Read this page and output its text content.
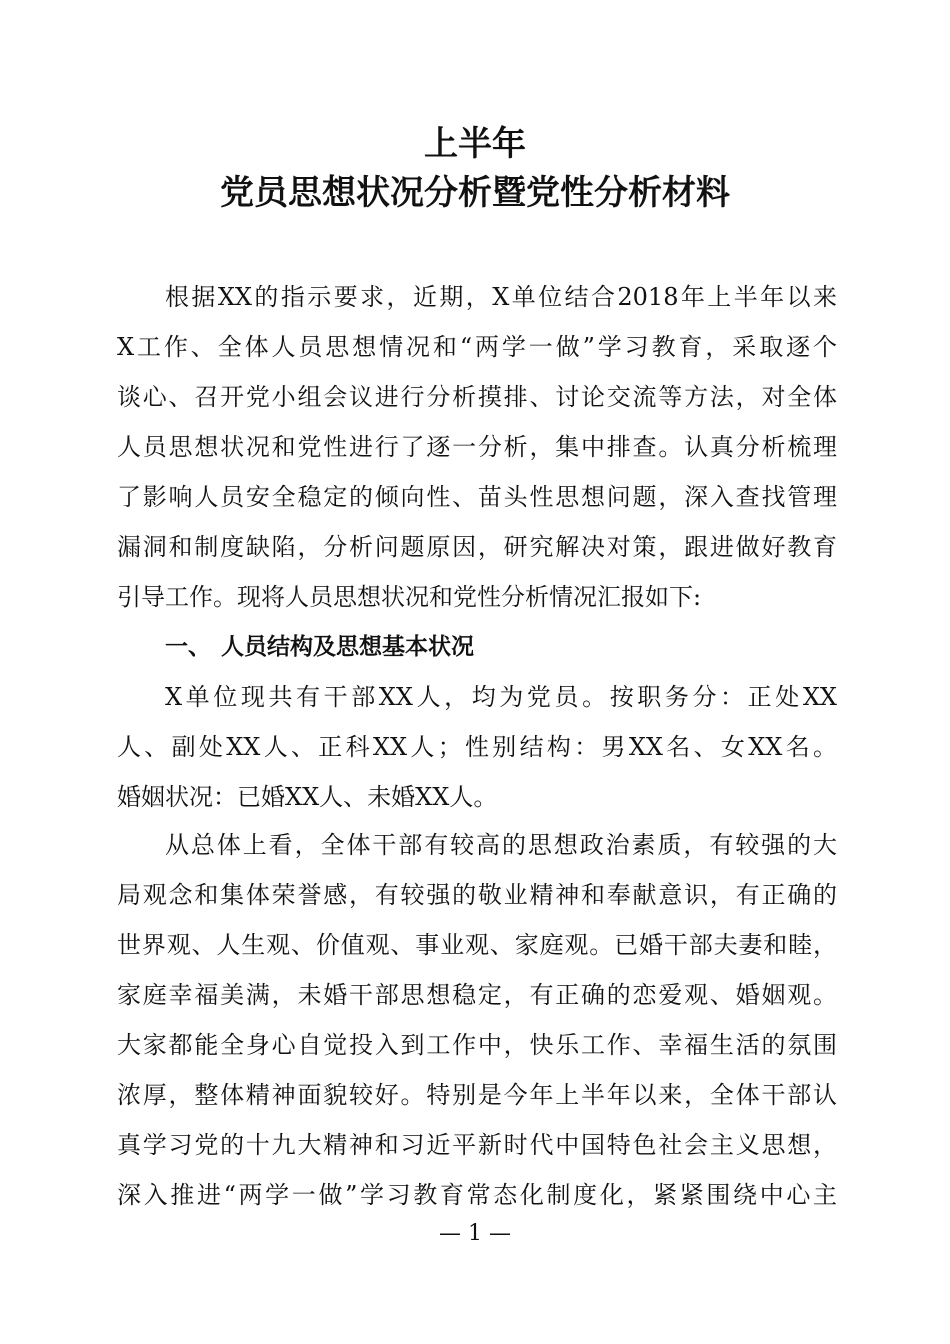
上半年
党员思想状况分析暨党性分析材料
根据XX的指示要求，近期，X单位结合2018年上半年以来
X工作、全体人员思想情况和“两学一做”学习教育，采取逐个
谈心、召开党小组会议进行分析摸排、讨论交流等方法，对全体
人员思想状况和党性进行了逐一分析，集中排查。认真分析梳理
了影响人员安全稳定的倾向性、苗头性思想问题，深入查找管理
漏洞和制度缺陷，分析问题原因，研究解决对策，跟进做好教育
引导工作。现将人员思想状况和党性分析情况汇报如下:
一、 人员结构及思想基本状况
X单位现共有干部XX人，均为党员。按职务分：正处XX
人、副处XX人、正科XX人；性别结构：男XX名、女XX名。
婚姻状况：已婚XX人、未婚XX人。
从总体上看，全体干部有较高的思想政治素质，有较强的大
局观念和集体荣誉感，有较强的敬业精神和奉献意识，有正确的
世界观、人生观、价值观、事业观、家庭观。已婚干部夫妻和睦，
家庭幸福美满，未婚干部思想稳定，有正确的恋爱观、婚姻观。
大家都能全身心自觉投入到工作中，快乐工作、幸福生活的氛围
浓厚，整体精神面貌较好。特别是今年上半年以来，全体干部认
真学习党的十九大精神和习近平新时代中国特色社会主义思想，
深入推进“两学一做”学习教育常态化制度化，紧紧围绕中心主
— 1 —
